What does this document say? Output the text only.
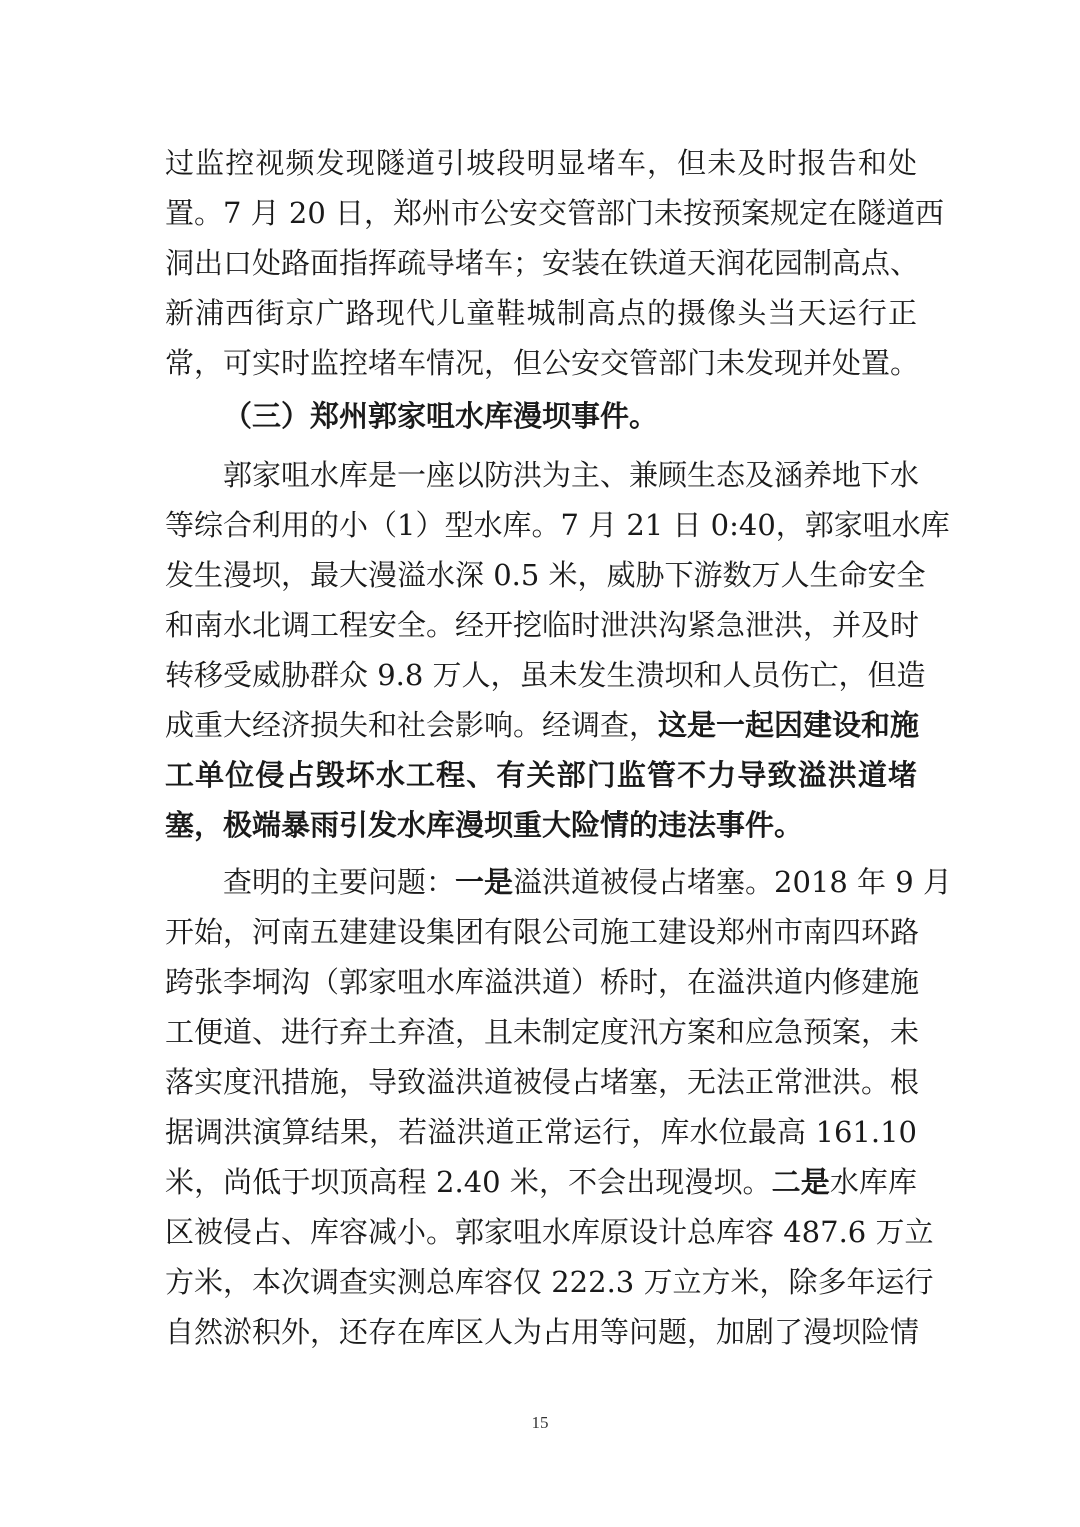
过监控视频发现隧道引坡段明显堵车，但未及时报告和处
置。7 月 20 日，郑州市公安交管部门未按预案规定在隧道西
洞出口处路面指挥疏导堵车；安装在铁道天润花园制高点、
新浦西街京广路现代儿童鞋城制高点的摄像头当天运行正
常，可实时监控堵车情况，但公安交管部门未发现并处置。
（三）郑州郭家咀水库漫坝事件。
郭家咀水库是一座以防洪为主、兼顾生态及涵养地下水
等综合利用的小（1）型水库。7 月 21 日 0:40，郭家咀水库
发生漫坝，最大漫溢水深 0.5 米，威胁下游数万人生命安全
和南水北调工程安全。经开挖临时泄洪沟紧急泄洪，并及时
转移受威胁群众 9.8 万人，虽未发生溃坝和人员伤亡，但造
成重大经济损失和社会影响。经调查，这是一起因建设和施
工单位侵占毁坏水工程、有关部门监管不力导致溢洪道堵
塞，极端暴雨引发水库漫坝重大险情的违法事件。
查明的主要问题：一是溢洪道被侵占堵塞。2018 年 9 月
开始，河南五建建设集团有限公司施工建设郑州市南四环路
跨张李垌沟（郭家咀水库溢洪道）桥时，在溢洪道内修建施
工便道、进行弃土弃渣，且未制定度汛方案和应急预案，未
落实度汛措施，导致溢洪道被侵占堵塞，无法正常泄洪。根
据调洪演算结果，若溢洪道正常运行，库水位最高 161.10
米，尚低于坝顶高程 2.40 米，不会出现漫坝。二是水库库
区被侵占、库容减小。郭家咀水库原设计总库容 487.6 万立
方米，本次调查实测总库容仅 222.3 万立方米，除多年运行
自然淤积外，还存在库区人为占用等问题，加剧了漫坝险情
15
